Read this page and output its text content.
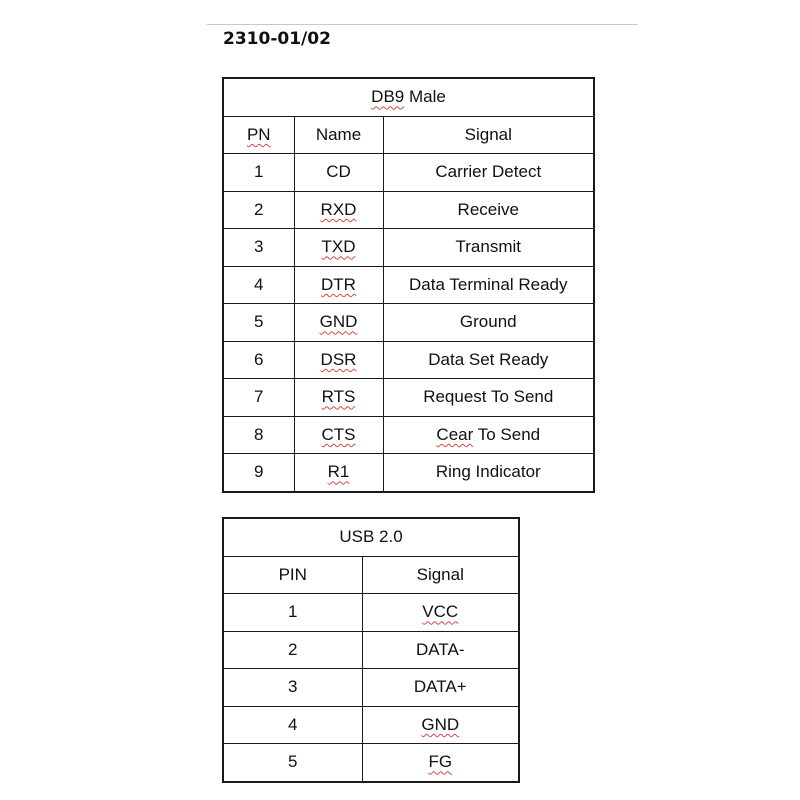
2310-01/02
DB9 Male		
PN	Name	Signal
1	CD	Carrier Detect
2	RXD	Receive
3	TXD	Transmit
4	DTR	Data Terminal Ready
5	GND	Ground
6	DSR	Data Set Ready
7	RTS	Request To Send
8	CTS	Cear To Send
9	R1	Ring Indicator
USB 2.0	
PIN	Signal
1	VCC
2	DATA-
3	DATA+
4	GND
5	FG
